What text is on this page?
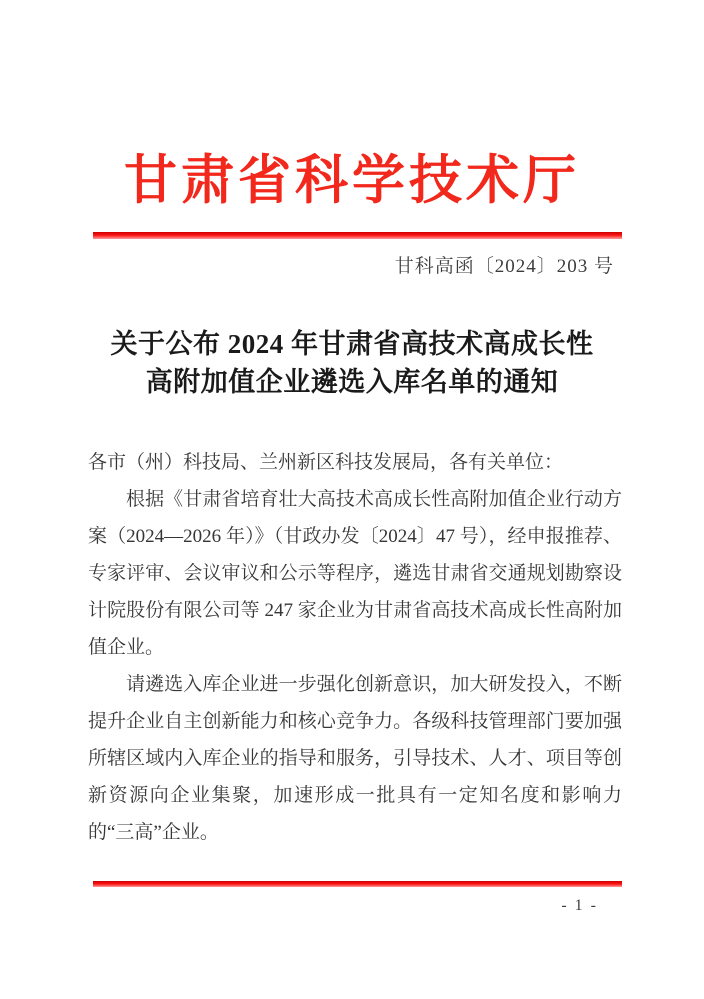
甘肃省科学技术厅
甘科高函〔2024〕203 号
关于公布 2024 年甘肃省高技术高成长性
高附加值企业遴选入库名单的通知

各市（州）科技局、兰州新区科技发展局，各有关单位：

根据《甘肃省培育壮大高技术高成长性高附加值企业行动方案（2024—2026 年）》（甘政办发〔2024〕47 号），经申报推荐、专家评审、会议审议和公示等程序，遴选甘肃省交通规划勘察设计院股份有限公司等 247 家企业为甘肃省高技术高成长性高附加值企业。

请遴选入库企业进一步强化创新意识，加大研发投入，不断提升企业自主创新能力和核心竞争力。各级科技管理部门要加强所辖区域内入库企业的指导和服务，引导技术、人才、项目等创新资源向企业集聚，加速形成一批具有一定知名度和影响力的“三高”企业。

- 1 -
